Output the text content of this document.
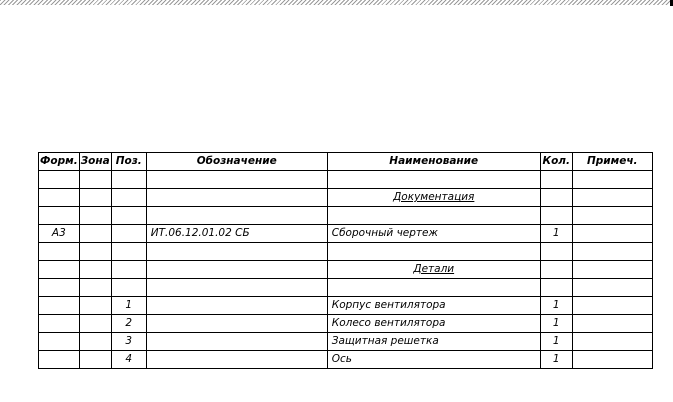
Форм.	Зона	Поз.	Обозначение	Наименование	Кол.	Примеч.

				Документация		

А3			ИТ.06.12.01.02 СБ	Сборочный чертеж	1	

				Детали		

		1		Корпус вентилятора	1	
		2		Колесо вентилятора	1	
		3		Защитная решетка	1	
		4		Ось	1	
